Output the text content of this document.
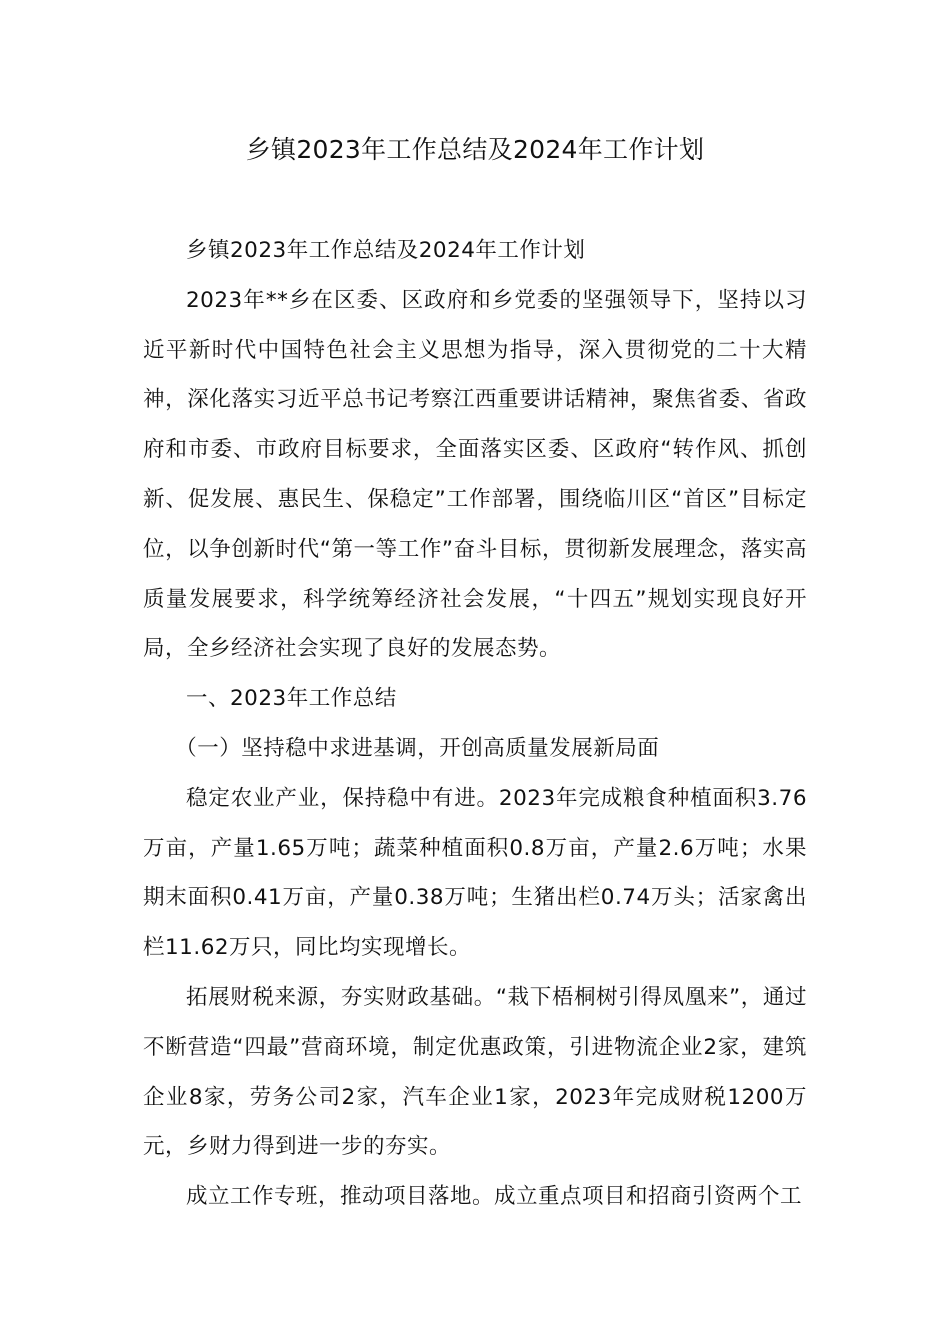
乡镇2023年工作总结及2024年工作计划

乡镇2023年工作总结及2024年工作计划

2023年**乡在区委、区政府和乡党委的坚强领导下，坚持以习近平新时代中国特色社会主义思想为指导，深入贯彻党的二十大精神，深化落实习近平总书记考察江西重要讲话精神，聚焦省委、省政府和市委、市政府目标要求，全面落实区委、区政府“转作风、抓创新、促发展、惠民生、保稳定”工作部署，围绕临川区“首区”目标定位，以争创新时代“第一等工作”奋斗目标，贯彻新发展理念，落实高质量发展要求，科学统筹经济社会发展，“十四五”规划实现良好开局，全乡经济社会实现了良好的发展态势。

一、2023年工作总结

（一）坚持稳中求进基调，开创高质量发展新局面

稳定农业产业，保持稳中有进。2023年完成粮食种植面积3.76万亩，产量1.65万吨；蔬菜种植面积0.8万亩，产量2.6万吨；水果期末面积0.41万亩，产量0.38万吨；生猪出栏0.74万头；活家禽出栏11.62万只，同比均实现增长。

拓展财税来源，夯实财政基础。“栽下梧桐树引得凤凰来”，通过不断营造“四最”营商环境，制定优惠政策，引进物流企业2家，建筑企业8家，劳务公司2家，汽车企业1家，2023年完成财税1200万元，乡财力得到进一步的夯实。

成立工作专班，推动项目落地。成立重点项目和招商引资两个工
